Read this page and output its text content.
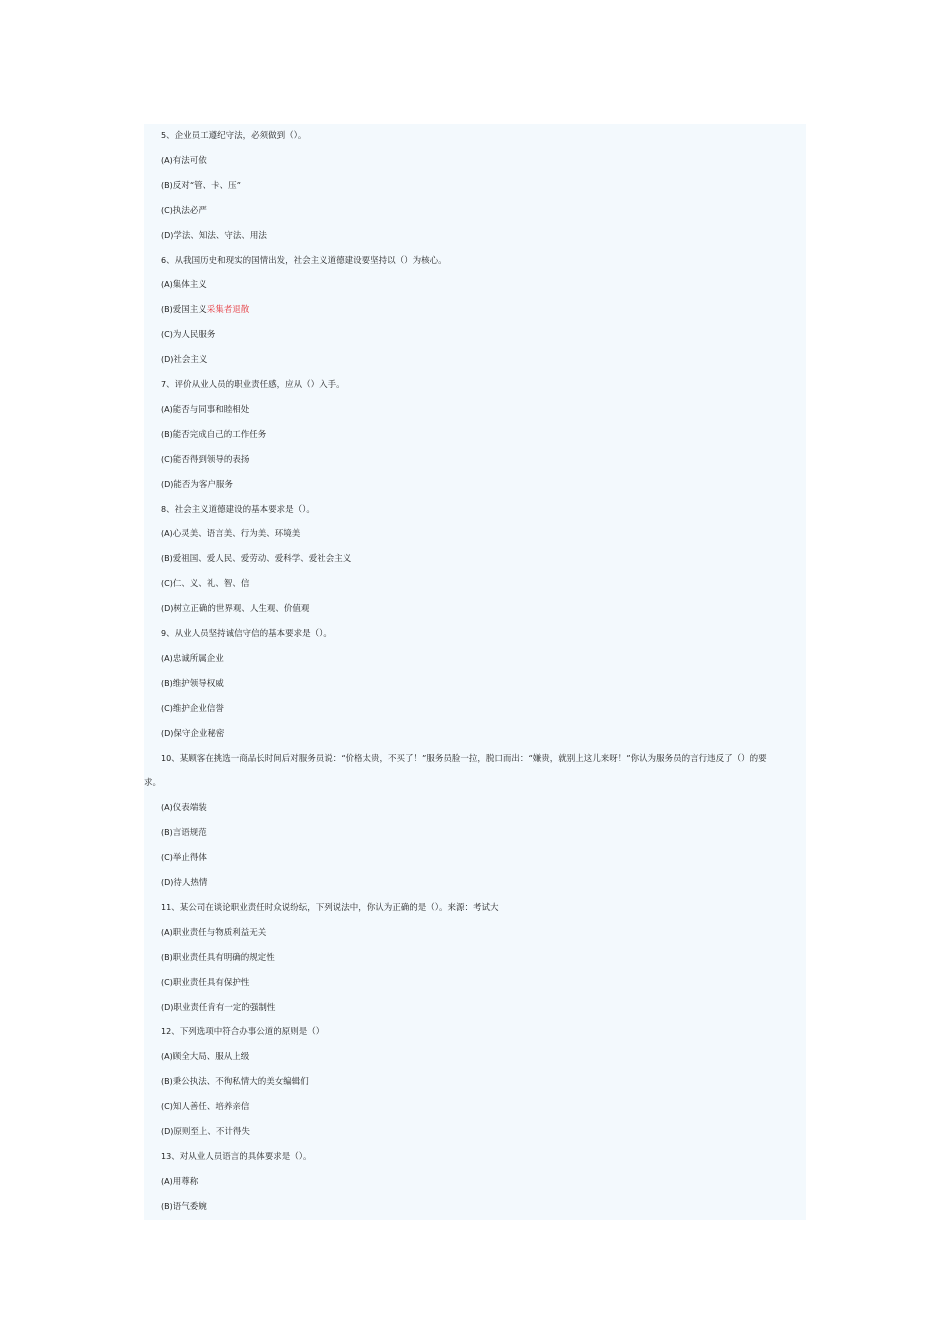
5、企业员工遵纪守法，必须做到（）。
(A)有法可依
(B)反对“管、卡、压”
(C)执法必严
(D)学法、知法、守法、用法
6、从我国历史和现实的国情出发，社会主义道德建设要坚持以（）为核心。
(A)集体主义
(B)爱国主义采集者退散
(C)为人民服务
(D)社会主义
7、评价从业人员的职业责任感，应从（）入手。
(A)能否与同事和睦相处
(B)能否完成自己的工作任务
(C)能否得到领导的表扬
(D)能否为客户服务
8、社会主义道德建设的基本要求是（）。
(A)心灵美、语言美、行为美、环境美
(B)爱祖国、爱人民、爱劳动、爱科学、爱社会主义
(C)仁、义、礼、智、信
(D)树立正确的世界观、人生观、价值观
9、从业人员坚持诚信守信的基本要求是（）。
(A)忠诚所属企业
(B)维护领导权威
(C)维护企业信誉
(D)保守企业秘密
10、某顾客在挑选一商品长时间后对服务员说：“价格太贵，不买了！”服务员脸一拉，脱口而出：“嫌贵，就别上这儿来呀！”你认为服务员的言行违反了（）的要
求。
(A)仪表端装
(B)言语规范
(C)举止得体
(D)待人热情
11、某公司在谈论职业责任时众说纷纭，下列说法中，你认为正确的是（）。来源：考试大
(A)职业责任与物质利益无关
(B)职业责任具有明确的规定性
(C)职业责任具有保护性
(D)职业责任肯有一定的强制性
12、下列选项中符合办事公道的原则是（）
(A)顾全大局、服从上级
(B)秉公执法、不徇私情大的美女编辑们
(C)知人善任、培养亲信
(D)原则至上、不计得失
13、对从业人员语言的具体要求是（）。
(A)用尊称
(B)语气委婉
